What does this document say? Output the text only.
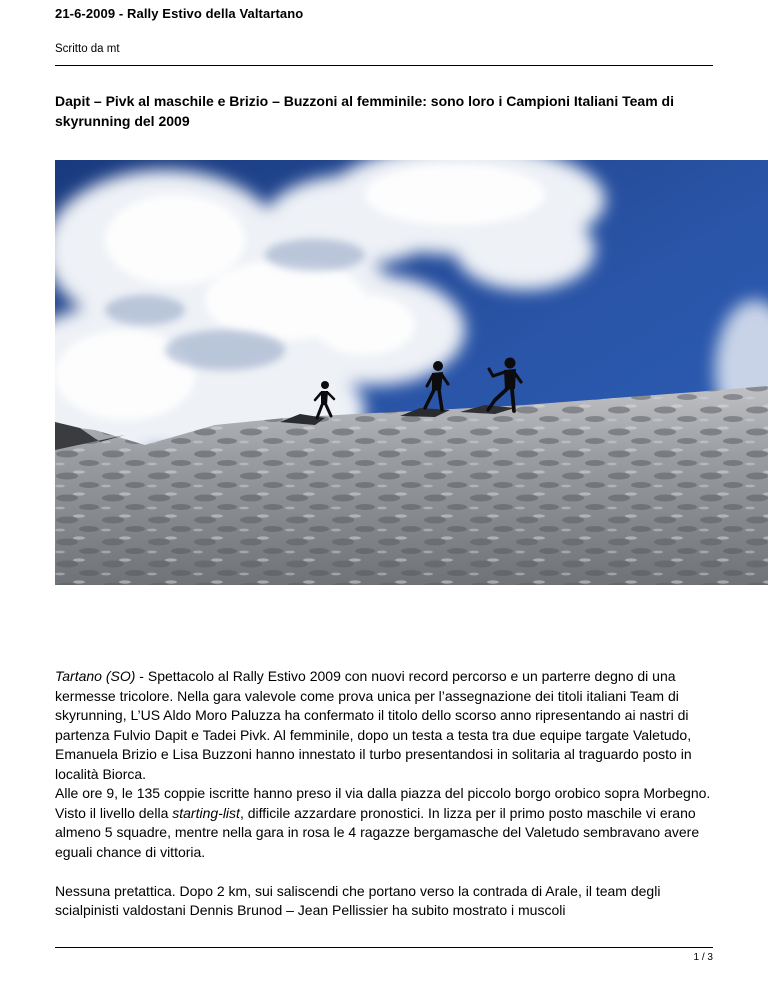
21-6-2009 - Rally Estivo della Valtartano
Scritto da mt
Dapit – Pivk al maschile e Brizio – Buzzoni al femminile: sono loro i Campioni Italiani Team di skyrunning del 2009

Tartano (SO) - Spettacolo al Rally Estivo 2009 con nuovi record percorso e un parterre degno di una kermesse tricolore. Nella gara valevole come prova unica per l’assegnazione dei titoli italiani Team di skyrunning, L’US Aldo Moro Paluzza ha confermato il titolo dello scorso anno ripresentando ai nastri di partenza Fulvio Dapit e Tadei Pivk. Al femminile, dopo un testa a testa tra due equipe targate Valetudo, Emanuela Brizio e Lisa Buzzoni hanno innestato il turbo presentandosi in solitaria al traguardo posto in località Biorca.

Alle ore 9, le 135 coppie iscritte hanno preso il via dalla piazza del piccolo borgo orobico sopra Morbegno. Visto il livello della starting-list, difficile azzardare pronostici. In lizza per il primo posto maschile vi erano almeno 5 squadre, mentre nella gara in rosa le 4 ragazze bergamasche del Valetudo sembravano avere eguali chance di vittoria.

Nessuna pretattica. Dopo 2 km, sui saliscendi che portano verso la contrada di Arale, il team degli scialpinisti valdostani Dennis Brunod – Jean Pellissier ha subito mostrato i muscoli

1 / 3
